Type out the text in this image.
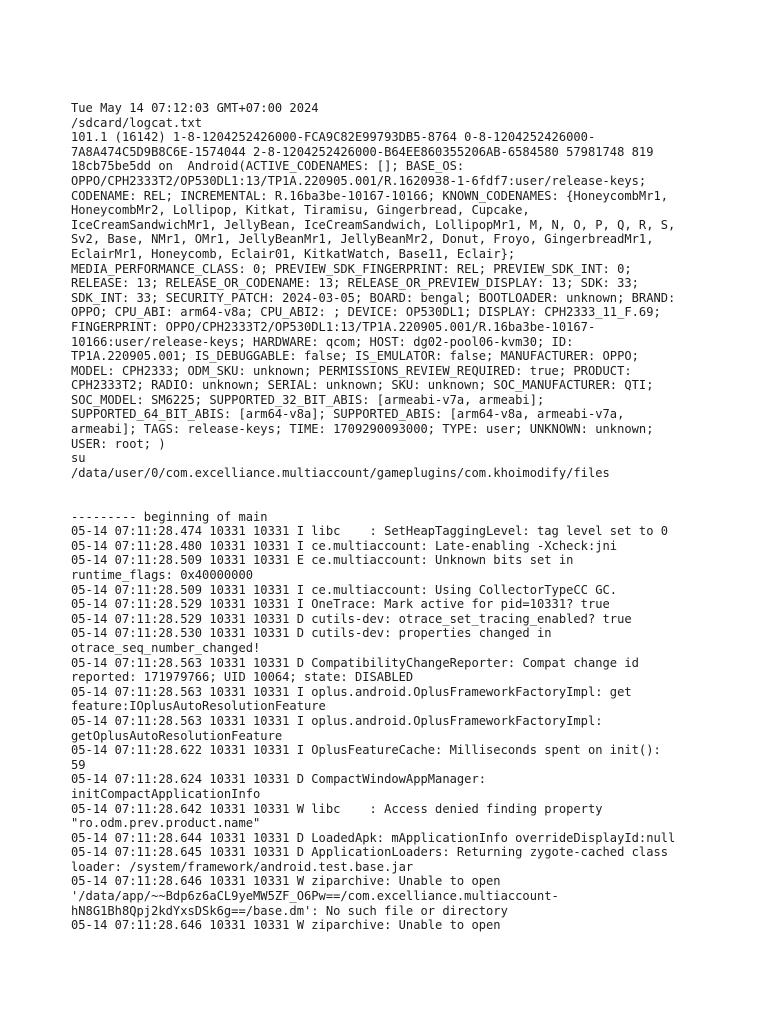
Tue May 14 07:12:03 GMT+07:00 2024
/sdcard/logcat.txt
101.1 (16142) 1-8-1204252426000-FCA9C82E99793DB5-8764 0-8-1204252426000-
7A8A474C5D9B8C6E-1574044 2-8-1204252426000-B64EE860355206AB-6584580 57981748 819
18cb75be5dd on  Android(ACTIVE_CODENAMES: []; BASE_OS:
OPPO/CPH2333T2/OP530DL1:13/TP1A.220905.001/R.1620938-1-6fdf7:user/release-keys;
CODENAME: REL; INCREMENTAL: R.16ba3be-10167-10166; KNOWN_CODENAMES: {HoneycombMr1,
HoneycombMr2, Lollipop, Kitkat, Tiramisu, Gingerbread, Cupcake,
IceCreamSandwichMr1, JellyBean, IceCreamSandwich, LollipopMr1, M, N, O, P, Q, R, S,
Sv2, Base, NMr1, OMr1, JellyBeanMr1, JellyBeanMr2, Donut, Froyo, GingerbreadMr1,
EclairMr1, Honeycomb, Eclair01, KitkatWatch, Base11, Eclair};
MEDIA_PERFORMANCE_CLASS: 0; PREVIEW_SDK_FINGERPRINT: REL; PREVIEW_SDK_INT: 0;
RELEASE: 13; RELEASE_OR_CODENAME: 13; RELEASE_OR_PREVIEW_DISPLAY: 13; SDK: 33;
SDK_INT: 33; SECURITY_PATCH: 2024-03-05; BOARD: bengal; BOOTLOADER: unknown; BRAND:
OPPO; CPU_ABI: arm64-v8a; CPU_ABI2: ; DEVICE: OP530DL1; DISPLAY: CPH2333_11_F.69;
FINGERPRINT: OPPO/CPH2333T2/OP530DL1:13/TP1A.220905.001/R.16ba3be-10167-
10166:user/release-keys; HARDWARE: qcom; HOST: dg02-pool06-kvm30; ID:
TP1A.220905.001; IS_DEBUGGABLE: false; IS_EMULATOR: false; MANUFACTURER: OPPO;
MODEL: CPH2333; ODM_SKU: unknown; PERMISSIONS_REVIEW_REQUIRED: true; PRODUCT:
CPH2333T2; RADIO: unknown; SERIAL: unknown; SKU: unknown; SOC_MANUFACTURER: QTI;
SOC_MODEL: SM6225; SUPPORTED_32_BIT_ABIS: [armeabi-v7a, armeabi];
SUPPORTED_64_BIT_ABIS: [arm64-v8a]; SUPPORTED_ABIS: [arm64-v8a, armeabi-v7a,
armeabi]; TAGS: release-keys; TIME: 1709290093000; TYPE: user; UNKNOWN: unknown;
USER: root; )
su
/data/user/0/com.excelliance.multiaccount/gameplugins/com.khoimodify/files

--------- beginning of main
05-14 07:11:28.474 10331 10331 I libc    : SetHeapTaggingLevel: tag level set to 0
05-14 07:11:28.480 10331 10331 I ce.multiaccount: Late-enabling -Xcheck:jni
05-14 07:11:28.509 10331 10331 E ce.multiaccount: Unknown bits set in
runtime_flags: 0x40000000
05-14 07:11:28.509 10331 10331 I ce.multiaccount: Using CollectorTypeCC GC.
05-14 07:11:28.529 10331 10331 I OneTrace: Mark active for pid=10331? true
05-14 07:11:28.529 10331 10331 D cutils-dev: otrace_set_tracing_enabled? true
05-14 07:11:28.530 10331 10331 D cutils-dev: properties changed in
otrace_seq_number_changed!
05-14 07:11:28.563 10331 10331 D CompatibilityChangeReporter: Compat change id
reported: 171979766; UID 10064; state: DISABLED
05-14 07:11:28.563 10331 10331 I oplus.android.OplusFrameworkFactoryImpl: get
feature:IOplusAutoResolutionFeature
05-14 07:11:28.563 10331 10331 I oplus.android.OplusFrameworkFactoryImpl:
getOplusAutoResolutionFeature
05-14 07:11:28.622 10331 10331 I OplusFeatureCache: Milliseconds spent on init():
59
05-14 07:11:28.624 10331 10331 D CompactWindowAppManager:
initCompactApplicationInfo
05-14 07:11:28.642 10331 10331 W libc    : Access denied finding property
"ro.odm.prev.product.name"
05-14 07:11:28.644 10331 10331 D LoadedApk: mApplicationInfo overrideDisplayId:null
05-14 07:11:28.645 10331 10331 D ApplicationLoaders: Returning zygote-cached class
loader: /system/framework/android.test.base.jar
05-14 07:11:28.646 10331 10331 W ziparchive: Unable to open
'/data/app/~~Bdp6z6aCL9yeMW5ZF_O6Pw==/com.excelliance.multiaccount-
hN8G1Bh8Qpj2kdYxsDSk6g==/base.dm': No such file or directory
05-14 07:11:28.646 10331 10331 W ziparchive: Unable to open
